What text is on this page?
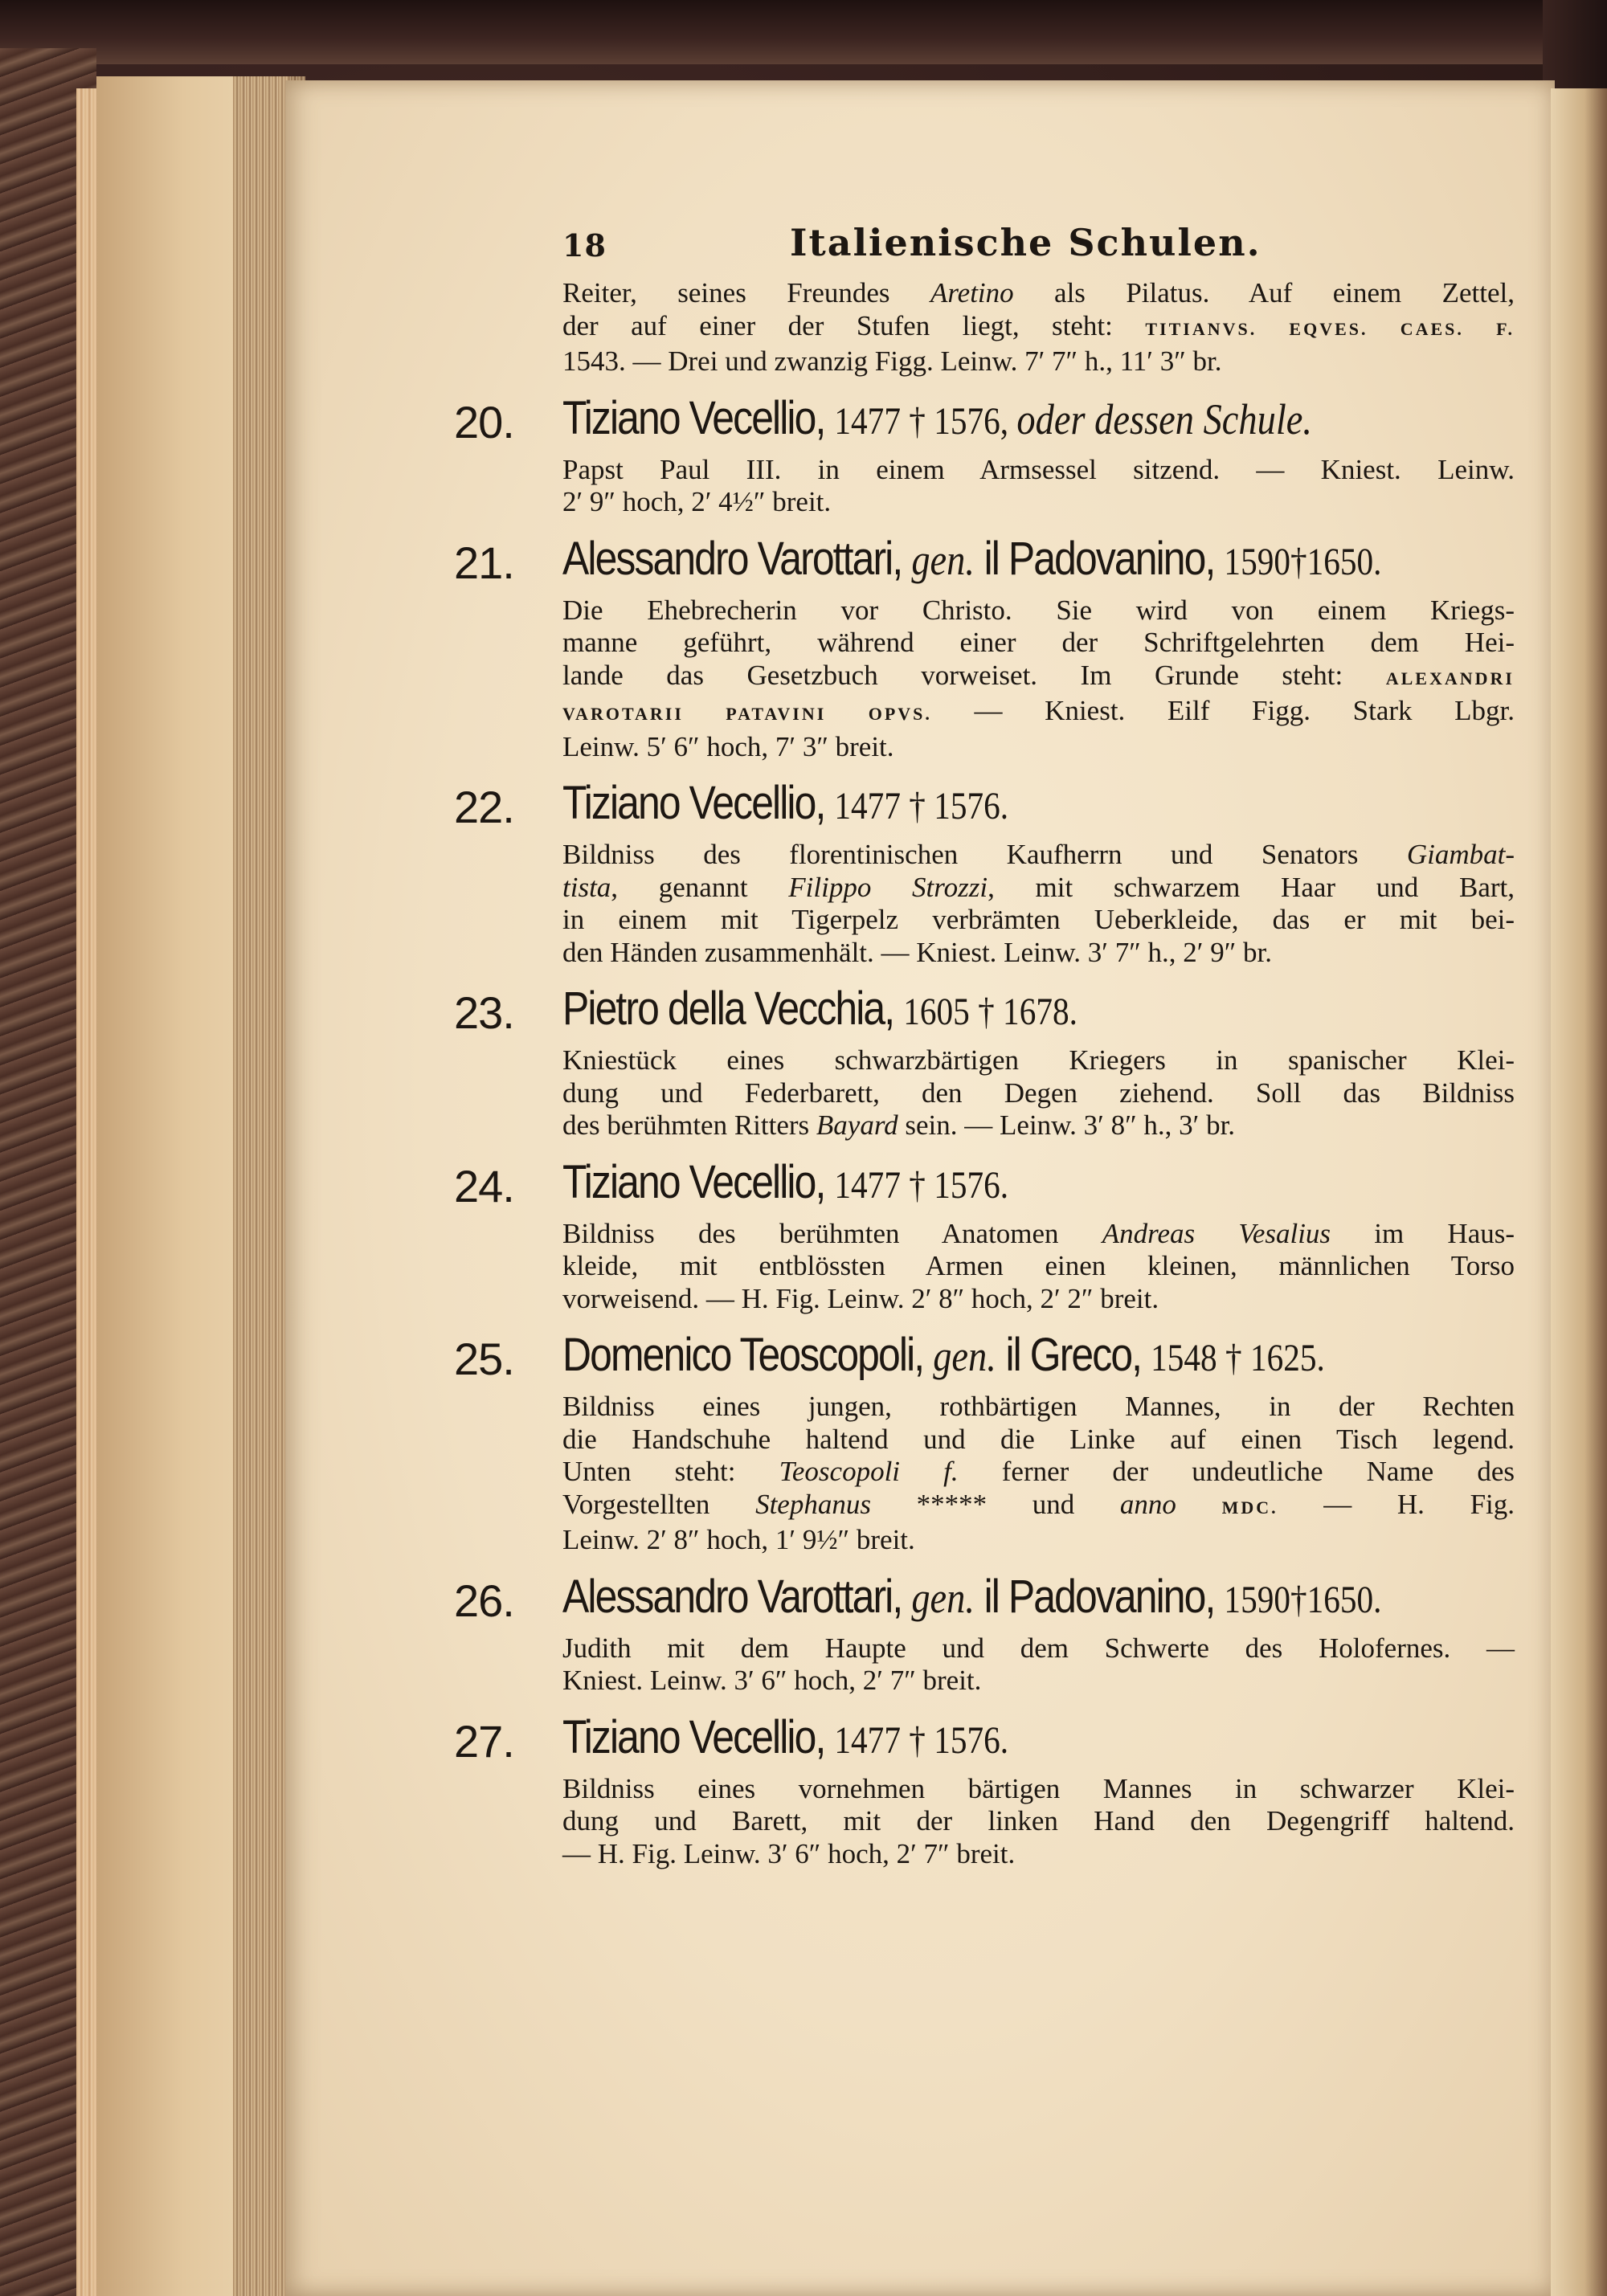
18	Italienische Schulen.
Reiter, seines Freundes Aretino als Pilatus. Auf einem Zettel,
der auf einer der Stufen liegt, steht: TITIANVS. EQVES. CAES. F.
1543. — Drei und zwanzig Figg. Leinw. 7′ 7″ h., 11′ 3″ br.
20. Tiziano Vecellio, 1477 † 1576, oder dessen Schule.
Papst Paul III. in einem Armsessel sitzend. — Kniest. Leinw.
2′ 9″ hoch, 2′ 4½″ breit.
21. Alessandro Varottari, gen. il Padovanino, 1590†1650.
Die Ehebrecherin vor Christo. Sie wird von einem Kriegs-
manne geführt, während einer der Schriftgelehrten dem Hei-
lande das Gesetzbuch vorweiset. Im Grunde steht: ALEXANDRI
VAROTARII PATAVINI OPVS. — Kniest. Eilf Figg. Stark Lbgr.
Leinw. 5′ 6″ hoch, 7′ 3″ breit.
22. Tiziano Vecellio, 1477 † 1576.
Bildniss des florentinischen Kaufherrn und Senators Giambat-
tista, genannt Filippo Strozzi, mit schwarzem Haar und Bart,
in einem mit Tigerpelz verbrämten Ueberkleide, das er mit bei-
den Händen zusammenhält. — Kniest. Leinw. 3′ 7″ h., 2′ 9″ br.
23. Pietro della Vecchia, 1605 † 1678.
Kniestück eines schwarzbärtigen Kriegers in spanischer Klei-
dung und Federbarett, den Degen ziehend. Soll das Bildniss
des berühmten Ritters Bayard sein. — Leinw. 3′ 8″ h., 3′ br.
24. Tiziano Vecellio, 1477 † 1576.
Bildniss des berühmten Anatomen Andreas Vesalius im Haus-
kleide, mit entblössten Armen einen kleinen, männlichen Torso
vorweisend. — H. Fig. Leinw. 2′ 8″ hoch, 2′ 2″ breit.
25. Domenico Teoscopoli, gen. il Greco, 1548 † 1625.
Bildniss eines jungen, rothbärtigen Mannes, in der Rechten
die Handschuhe haltend und die Linke auf einen Tisch legend.
Unten steht: Teoscopoli f. ferner der undeutliche Name des
Vorgestellten Stephanus ***** und anno	MDC. — H. Fig.
Leinw. 2′ 8″ hoch, 1′ 9½″ breit.
26. Alessandro Varottari, gen. il Padovanino, 1590†1650.
Judith mit dem Haupte und dem Schwerte des Holofernes. —
Kniest. Leinw. 3′ 6″ hoch, 2′ 7″ breit.
27. Tiziano Vecellio, 1477 † 1576.
Bildniss eines vornehmen bärtigen Mannes in schwarzer Klei-
dung und Barett, mit der linken Hand den Degengriff haltend.
— H. Fig. Leinw. 3′ 6″ hoch, 2′ 7″ breit.
